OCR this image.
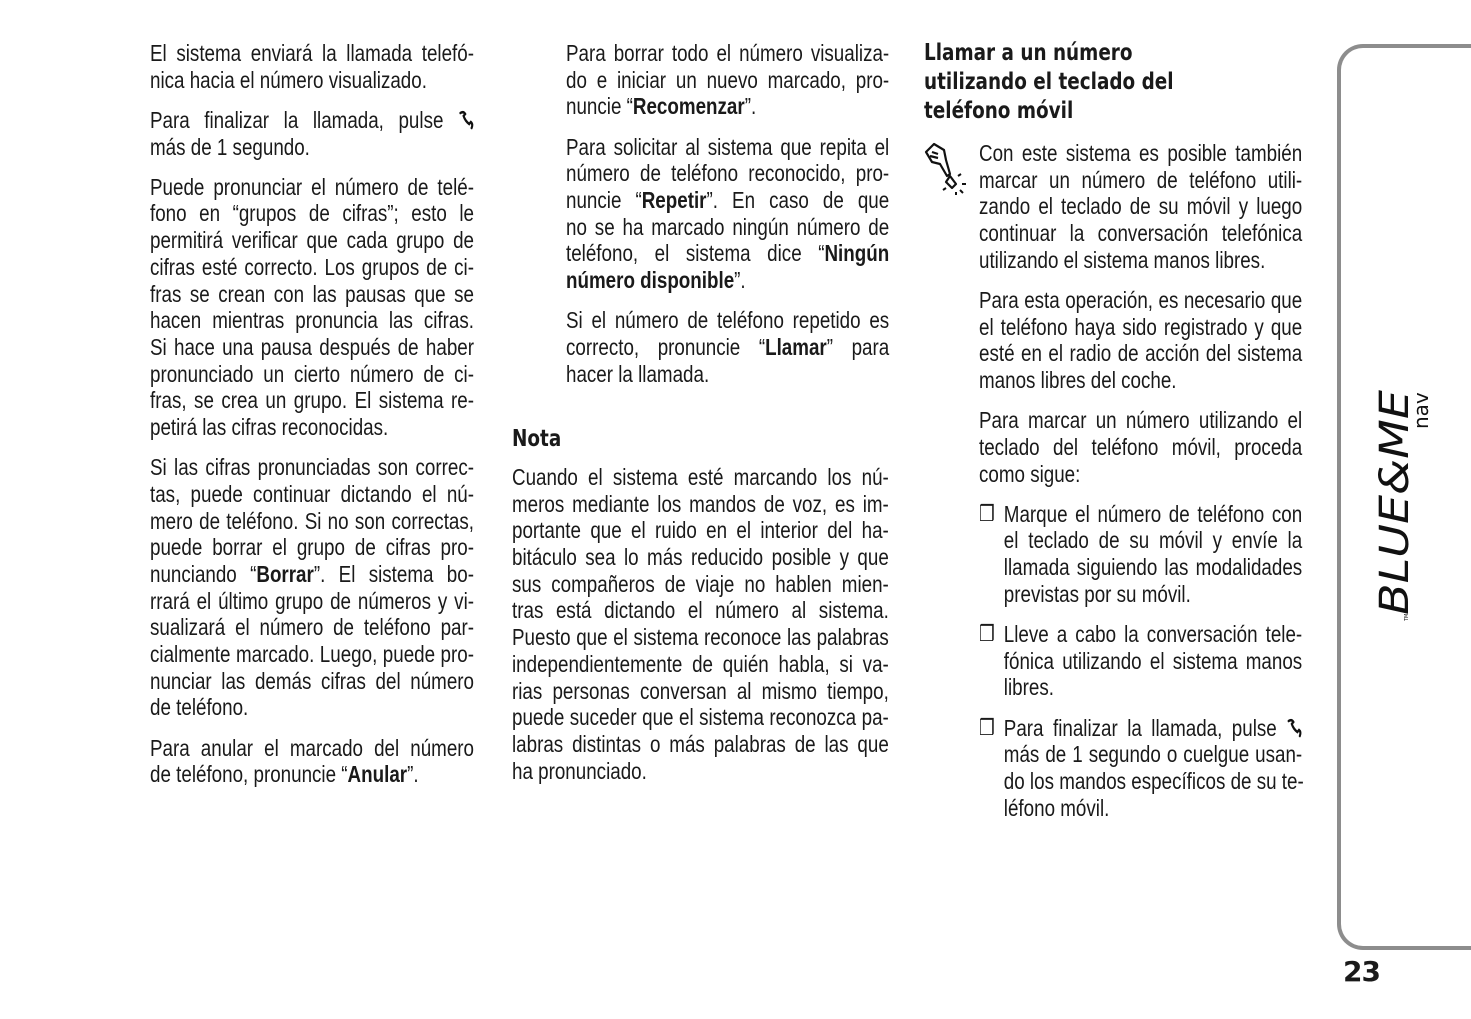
El sistema enviará la llamada telefó-
nica hacia el número visualizado.
Para finalizar la llamada, pulse
más de 1 segundo.
Puede pronunciar el número de telé-
fono en “grupos de cifras”; esto le
permitirá verificar que cada grupo de
cifras esté correcto. Los grupos de ci-
fras se crean con las pausas que se
hacen mientras pronuncia las cifras.
Si hace una pausa después de haber
pronunciado un cierto número de ci-
fras, se crea un grupo. El sistema re-
petirá las cifras reconocidas.
Si las cifras pronunciadas son correc-
tas, puede continuar dictando el nú-
mero de teléfono. Si no son correctas,
puede borrar el grupo de cifras pro-
nunciando “Borrar”. El sistema bo-
rrará el último grupo de números y vi-
sualizará el número de teléfono par-
cialmente marcado. Luego, puede pro-
nunciar las demás cifras del número
de teléfono.
Para anular el marcado del número
de teléfono, pronuncie “Anular”.
Para borrar todo el número visualiza-
do e iniciar un nuevo marcado, pro-
nuncie “Recomenzar”.
Para solicitar al sistema que repita el
número de teléfono reconocido, pro-
nuncie “Repetir”. En caso de que
no se ha marcado ningún número de
teléfono, el sistema dice “Ningún
número disponible”.
Si el número de teléfono repetido es
correcto, pronuncie “Llamar” para
hacer la llamada.
Nota
Cuando el sistema esté marcando los nú-
meros mediante los mandos de voz, es im-
portante que el ruido en el interior del ha-
bitáculo sea lo más reducido posible y que
sus compañeros de viaje no hablen mien-
tras está dictando el número al sistema.
Puesto que el sistema reconoce las palabras
independientemente de quién habla, si va-
rias personas conversan al mismo tiempo,
puede suceder que el sistema reconozca pa-
labras distintas o más palabras de las que
ha pronunciado.
Llamar a un número
utilizando el teclado del
teléfono móvil
Con este sistema es posible también
marcar un número de teléfono utili-
zando el teclado de su móvil y luego
continuar la conversación telefónica
utilizando el sistema manos libres.
Para esta operación, es necesario que
el teléfono haya sido registrado y que
esté en el radio de acción del sistema
manos libres del coche.
Para marcar un número utilizando el
teclado del teléfono móvil, proceda
como sigue:
❒ Marque el número de teléfono con
el teclado de su móvil y envíe la
llamada siguiendo las modalidades
previstas por su móvil.
❒ Lleve a cabo la conversación tele-
fónica utilizando el sistema manos
libres.
❒ Para finalizar la llamada, pulse
más de 1 segundo o cuelgue usan-
do los mandos específicos de su te-
léfono móvil.
BLUE&ME
nav
TM
23
